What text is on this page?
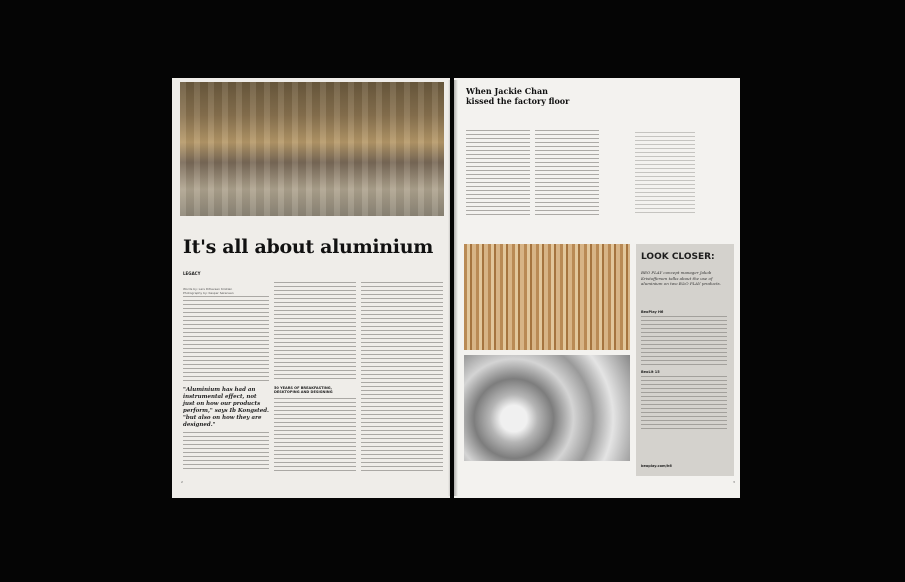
It's all about aluminium
LEGACY
Words by: Lars Ditlevsen Kristian
Photography by: Kasper Sørensen
"Aluminium has had an instrumental effect, not just on how our products perform," says Ib Kongsted. "but also on how they are designed."
50 YEARS OF BREAKFASTING, DESKTOPING AND DESIGNING
2
When Jackie Chan kissed the factory floor
LOOK CLOSER:
BEO PLAY concept manager Jakob Kristoffersen talks about the use of aluminium on two B&O PLAY products.
BeoPlay H6
BeoLit 15
beoplay.com/h6
3
